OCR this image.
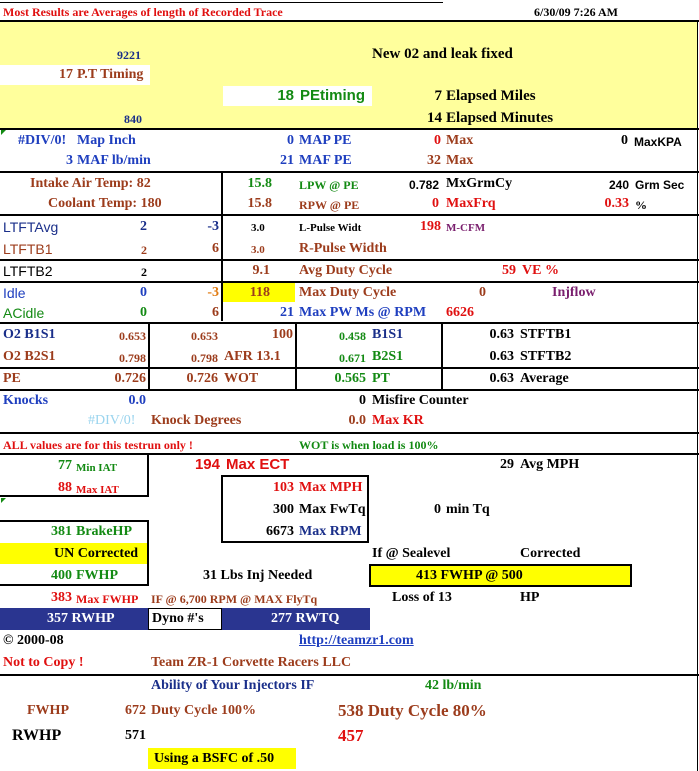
Most Results are Averages of length of Recorded Trace	6/30/09 7:26 AM
9221	New 02 and leak fixed
17 P.T Timing
18 PEtiming	7 Elapsed Miles
840	14 Elapsed Minutes
#DIV/0! Map Inch	0 MAP PE	0 Max	0 MaxKPA
3 MAF lb/min	21 MAF PE	32 Max
Intake Air Temp: 82
Coolant Temp: 180
15.8 LPW @ PE	0.782 MxGrmCy	240 Grm Sec
15.8 RPW @ PE	0 MaxFrq	0.33 %
LTFTAvg	2	-3	3.0	L-Pulse Widt	198 M-CFM
LTFTB1	2	6	3.0 R-Pulse Width
LTFTB2	2	9.1 Avg Duty Cycle	59 VE %
Idle	0	-3	118 Max Duty Cycle	0	Injflow
ACidle	0	6	21 Max PW Ms @ RPM 6626
O2 B1S1	0.653	0.653	100	0.458 B1S1	0.63 STFTB1
O2 B2S1	0.798	0.798 AFR 13.1	0.671 B2S1	0.63 STFTB2
PE	0.726	0.726 WOT	0.565 PT	0.63 Average
Knocks	0.0	0 Misfire Counter
#DIV/0! Knock Degrees	0.0 Max KR
ALL values are for this testrun only !	WOT is when load is 100%
77 Min IAT
88 Max IAT
194 Max ECT	29 Avg MPH
103 Max MPH
300 Max FwTq	0 min Tq
6673 Max RPM
381 BrakeHP
UN Corrected
400 FWHP
If @ Sealevel	Corrected
31 Lbs Inj Needed	413 FWHP @ 500
383 Max FWHP IF @ 6,700 RPM @ MAX FlyTq	Loss of 13	HP
357 RWHP	Dyno #'s	277 RWTQ
© 2000-08	http://teamzr1.com
Not to Copy !	Team ZR-1 Corvette Racers LLC
Ability of Your Injectors IF	42 lb/min
FWHP	672 Duty Cycle 100%	538 Duty Cycle 80%
RWHP	571	457
Using a BSFC of .50
